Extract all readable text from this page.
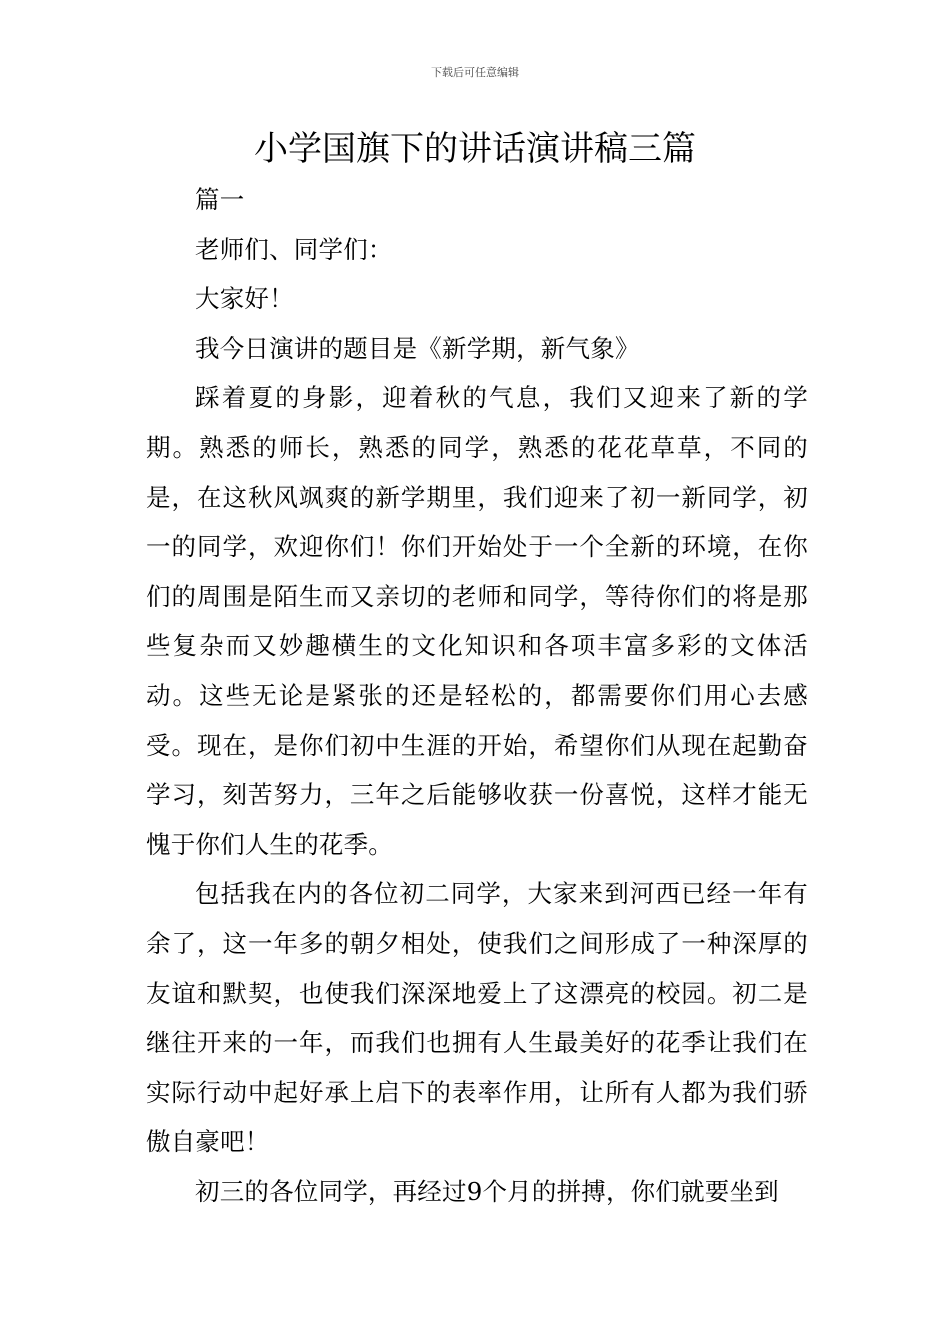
下载后可任意编辑
小学国旗下的讲话演讲稿三篇

篇一

老师们、同学们：

大家好！

我今日演讲的题目是《新学期，新气象》

踩着夏的身影，迎着秋的气息，我们又迎来了新的学期。熟悉的师长，熟悉的同学，熟悉的花花草草，不同的是，在这秋风飒爽的新学期里，我们迎来了初一新同学，初一的同学，欢迎你们！你们开始处于一个全新的环境，在你们的周围是陌生而又亲切的老师和同学，等待你们的将是那些复杂而又妙趣横生的文化知识和各项丰富多彩的文体活动。这些无论是紧张的还是轻松的，都需要你们用心去感受。现在，是你们初中生涯的开始，希望你们从现在起勤奋学习，刻苦努力，三年之后能够收获一份喜悦，这样才能无愧于你们人生的花季。

包括我在内的各位初二同学，大家来到河西已经一年有余了，这一年多的朝夕相处，使我们之间形成了一种深厚的友谊和默契，也使我们深深地爱上了这漂亮的校园。初二是继往开来的一年，而我们也拥有人生最美好的花季让我们在实际行动中起好承上启下的表率作用，让所有人都为我们骄傲自豪吧！

初三的各位同学，再经过9个月的拼搏，你们就要坐到
